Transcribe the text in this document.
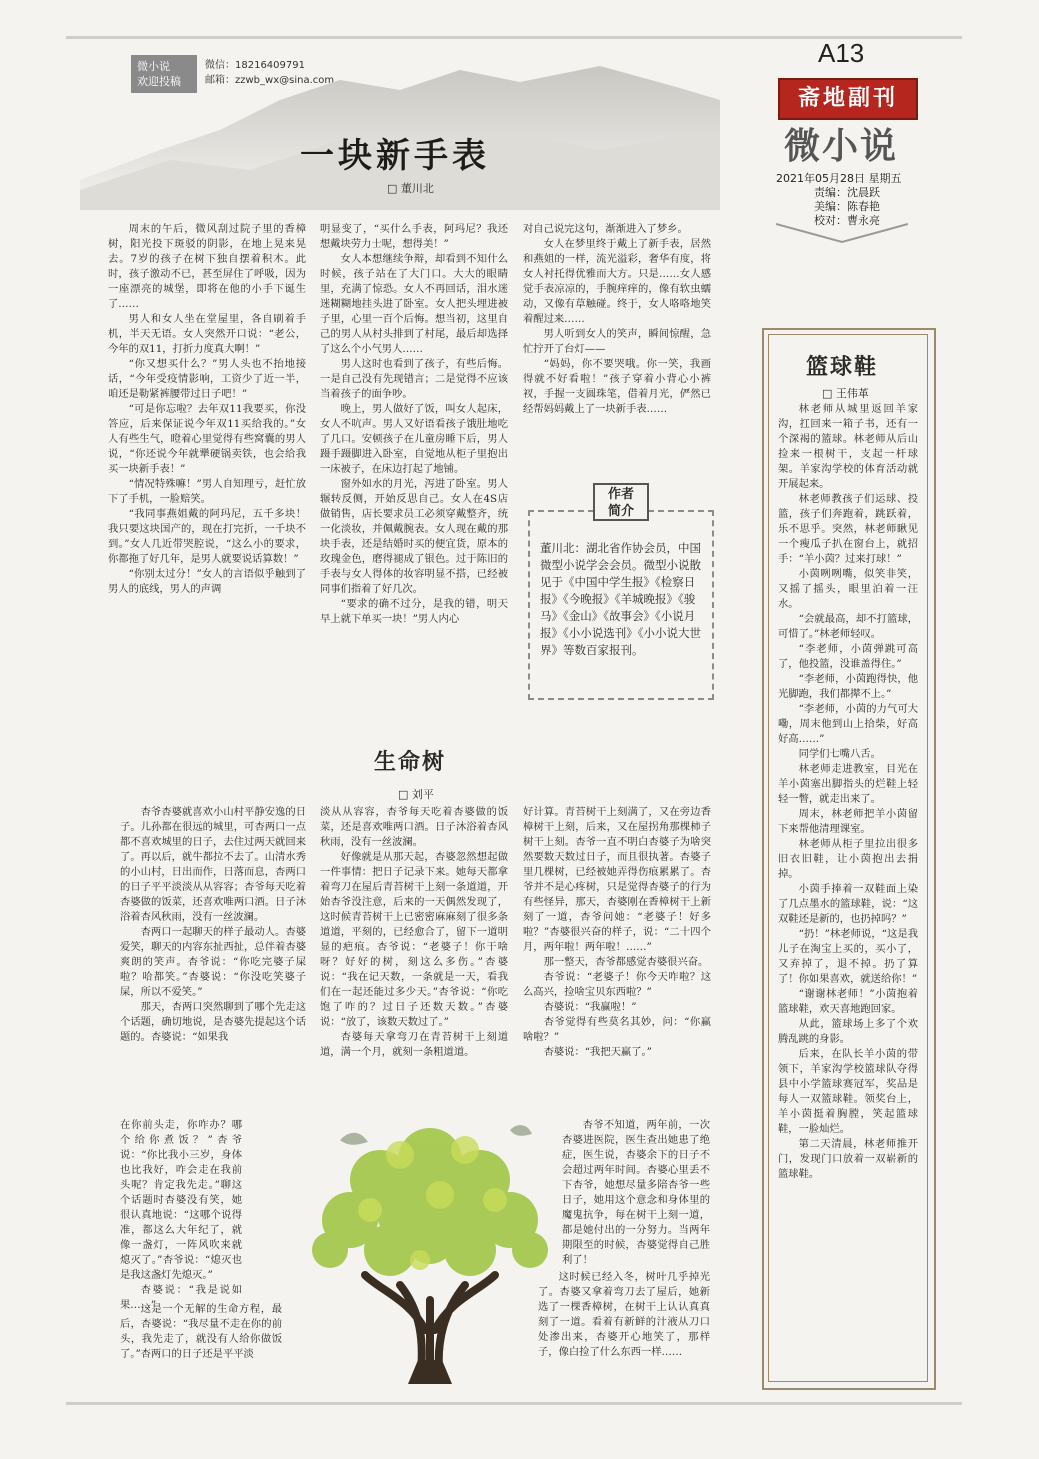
微小说
欢迎投稿
微信：18216409791
邮箱：zzwb_wx@sina.com
一块新手表
□ 董川北
A13
斋地副刊
微小说
2021年05月28日 星期五
责编：沈晨跃
美编：陈春艳
校对：曹永亮

周末的午后，微风刮过院子里的香樟树，阳光投下斑驳的阴影，在地上晃来晃去。7岁的孩子在树下独自摆着积木。此时，孩子激动不已，甚至屏住了呼吸，因为一座漂亮的城堡，即将在他的小手下诞生了……

男人和女人坐在堂屋里，各自刷着手机，半天无语。女人突然开口说：“老公，今年的双11，打折力度真大啊！”

“你又想买什么？”男人头也不抬地接话，“今年受疫情影响，工资少了近一半，咱还是勒紧裤腰带过日子吧！”

“可是你忘啦？去年双11我要买，你没答应，后来保证说今年双11买给我的。”女人有些生气，瞪着心里觉得有些窝囊的男人说，“你还说今年就犟硬锅卖铁，也会给我买一块新手表！”

“情况特殊嘛！”男人自知理亏，赶忙放下了手机，一脸赔笑。

“我同事燕姐戴的阿玛尼，五千多块！我只要这块国产的，现在打完折，一千块不到。”女人几近带哭腔说，“这么小的要求，你都拖了好几年，是男人就要说话算数！”

“你别太过分！”女人的言语似乎触到了男人的底线，男人的声调

明显变了，“买什么手表，阿玛尼？我还想戴块劳力士呢，想得美！”

女人本想继续争辩，却看到不知什么时候，孩子站在了大门口。大大的眼睛里，充满了惊恐。女人不再回话，泪水迷迷糊糊地挂头进了卧室。女人把头埋进被子里，心里一百个后悔。想当初，这里自己的男人从村头排到了村尾，最后却选择了这么个小气男人……

男人这时也看到了孩子，有些后悔。一是自己没有先现错言；二是觉得不应该当着孩子的面争吵。

晚上，男人做好了饭，叫女人起床，女人不吭声。男人又好语看孩子饿肚地吃了几口。安顿孩子在儿童房睡下后，男人蹑手蹑脚进入卧室，自觉地从柜子里抱出一床被子，在床边打起了地铺。

窗外如水的月光，泻进了卧室。男人辗转反侧，开始反思自己。女人在4S店做销售，店长要求员工必须穿戴整齐，统一化淡妆，并佩戴腕表。女人现在戴的那块手表，还是结婚时买的便宜货，原本的玫瑰金色，磨得褪成了银色。过于陈旧的手表与女人得体的妆容明显不搭，已经被同事们指着了好几次。

“要求的确不过分，是我的错，明天早上就下单买一块！”男人内心

对自己说完这句，渐渐进入了梦乡。

女人在梦里终于戴上了新手表，居然和燕姐的一样，流光溢彩，奢华有度，将女人衬托得优雅而大方。只是……女人感觉手表凉凉的，手腕痒痒的，像有软虫蠕动，又像有草触碰。终于，女人咯咯地笑着醒过来……

男人听到女人的笑声，瞬间惊醒，急忙拧开了台灯——

“妈妈，你不要哭哦。你一笑，我画得就不好看啦！”孩子穿着小背心小裤衩，手握一支圆珠笔，借着月光，俨然已经帮妈妈戴上了一块新手表……

作者
简介
董川北：湖北省作协会员，中国微型小说学会会员。微型小说散见于《中国中学生报》《检察日报》《今晚报》《羊城晚报》《骏马》《金山》《故事会》《小说月报》《小小说选刊》《小小说大世界》等数百家报刊。
生命树
□ 刘平

杏爷杏婆就喜欢小山村平静安逸的日子。儿孙都在很远的城里，可杏两口一点都不喜欢城里的日子，去住过两天就回来了。再以后，就牛都拉不去了。山清水秀的小山村，日出而作，日落而息，杏两口的日子平平淡淡从从容容；杏爷每天吃着杏婆做的饭菜，还喜欢唯两口酒。日子沐浴着杏风秋雨，没有一丝波澜。

杏两口一起聊天的样子最动人。杏婆爱笑，聊天的内容东扯西扯，总伴着杏婆爽朗的笑声。杏爷说：“你吃完婆子屎啦？哈都笑。”杏婆说：“你没吃笑婆子屎，所以不爱笑。”

那天，杏两口突然聊到了哪个先走这个话题，确切地说，是杏婆先提起这个话题的。杏婆说：“如果我

在你前头走，你咋办？哪个给你煮饭？”杏爷说：“你比我小三岁，身体也比我好，咋会走在我前头呢？肯定我先走。”聊这个话题时杏婆没有笑，她很认真地说：“这哪个说得准，都这么大年纪了，就像一盏灯，一阵风吹来就熄灭了。”杏爷说：“熄灭也是我这盏灯先熄灭。”

杏婆说：“我是说如果……”

这是一个无解的生命方程，最后，杏婆说：“我尽量不走在你的前头，我先走了，就没有人给你做饭了。” 杏两口的日子还是平平淡

淡从从容容，杏爷每天吃着杏婆做的饭菜，还是喜欢唯两口酒。日子沐浴着杏风秋雨，没有一丝波澜。

好像就是从那天起，杏婆忽然想起做一件事情：把日子记录下来。她每天都拿着弯刀在屋后青苔树干上刻一条道道，开始杏爷没注意，后来的一天偶然发现了，这时候青苔树干上已密密麻麻刻了很多条道道，平刻的，已经愈合了，留下一道明显的疤痕。杏爷说：“老婆子！你干啥呀？好好的树，刻这么多伤。”杏婆说：“我在记天数，一条就是一天，看我们在一起还能过多少天。”杏爷说：“你吃饱了咋的？过日子还数天数。”杏婆说：“放了，该数天数过了。”

杏婆每天拿弯刀在青苔树干上刻道道，满一个月，就刻一条粗道道。

好计算。青苔树干上刻满了，又在旁边香樟树干上刻，后来，又在屋拐角那棵柿子树干上刻。杏爷一直不明白杏婆子为啥突然要数天数过日子，而且很执著。杏婆子里几棵树，已经被她弄得伤痕累累了。杏爷并不是心疼树，只是觉得杏婆子的行为有些怪异，那天，杏婆刚在香樟树干上新刻了一道，杏爷问她：“老婆子！好多啦？”杏婆很兴奋的样子，说：“二十四个月，两年啦！两年啦！……”

那一整天，杏爷都感觉杏婆很兴奋。

杏爷说：“老婆子！你今天咋啦？这么高兴，捡啥宝贝东西啦？”

杏婆说：“我赢啦！”

杏爷觉得有些莫名其妙，问：“你赢啥啦？”

杏婆说：“我把天赢了。”

杏爷不知道，两年前，一次杏婆进医院，医生查出她患了绝症，医生说，杏婆余下的日子不会超过两年时间。杏婆心里丢不下杏爷，她想尽量多陪杏爷一些日子，她用这个意念和身体里的魔鬼抗争，每在树干上刻一道，都是她付出的一分努力。当两年期限至的时候，杏婆觉得自己胜利了！

这时候已经入冬，树叶几乎掉光了。杏婆又拿着弯刀去了屋后，她新选了一棵香樟树，在树干上认认真真刻了一道。看着有新鲜的汁液从刀口处渗出来，杏婆开心地笑了，那样子，像白捡了什么东西一样……

篮球鞋
□ 王伟革

林老师从城里返回羊家沟，扛回来一箱子书，还有一个深褐的篮球。林老师从后山捡来一根树干，支起一杆球架。羊家沟学校的体育活动就开展起来。

林老师教孩子们运球、投篮，孩子们奔跑着，跳跃着，乐不思乎。突然，林老师瞅见一个瘦瓜子扒在窗台上，就招手：“羊小茵？过来打球！”

小茵咧咧嘴，似笑非笑，又摇了摇头，眼里泊着一汪水。

“会就最高，却不打篮球，可惜了。”林老师轻叹。

“李老师，小茵弹跳可高了，他投篮，没谁盖得住。”

“李老师，小茵跑得快，他光脚跑，我们都撵不上。”

“李老师，小茵的力气可大嘞，周末他到山上拾柴，好高好高……”

同学们七嘴八舌。

林老师走进教室，目光在羊小茵塞出脚指头的烂鞋上轻轻一瞥，就走出来了。

周末，林老师把羊小茵留下来帮他清理课室。

林老师从柜子里拉出很多旧衣旧鞋，让小茵抱出去捐掉。

小茵手捧着一双鞋面上染了几点墨水的篮球鞋，说：“这双鞋还是新的，也扔掉吗？”

“扔！”林老师说，“这是我儿子在淘宝上买的，买小了，又弃掉了，退不掉。扔了算了！你如果喜欢，就送给你！”

“谢谢林老师！”小茵抱着篮球鞋，欢天喜地跑回家。

从此，篮球场上多了个欢腾乱跳的身影。

后来，在队长羊小茵的带领下，羊家沟学校篮球队夺得县中小学篮球赛冠军，奖品是每人一双篮球鞋。领奖台上，羊小茵挺着胸膛，笑起篮球鞋，一脸灿烂。

第二天清晨，林老师推开门，发现门口放着一双崭新的篮球鞋。
